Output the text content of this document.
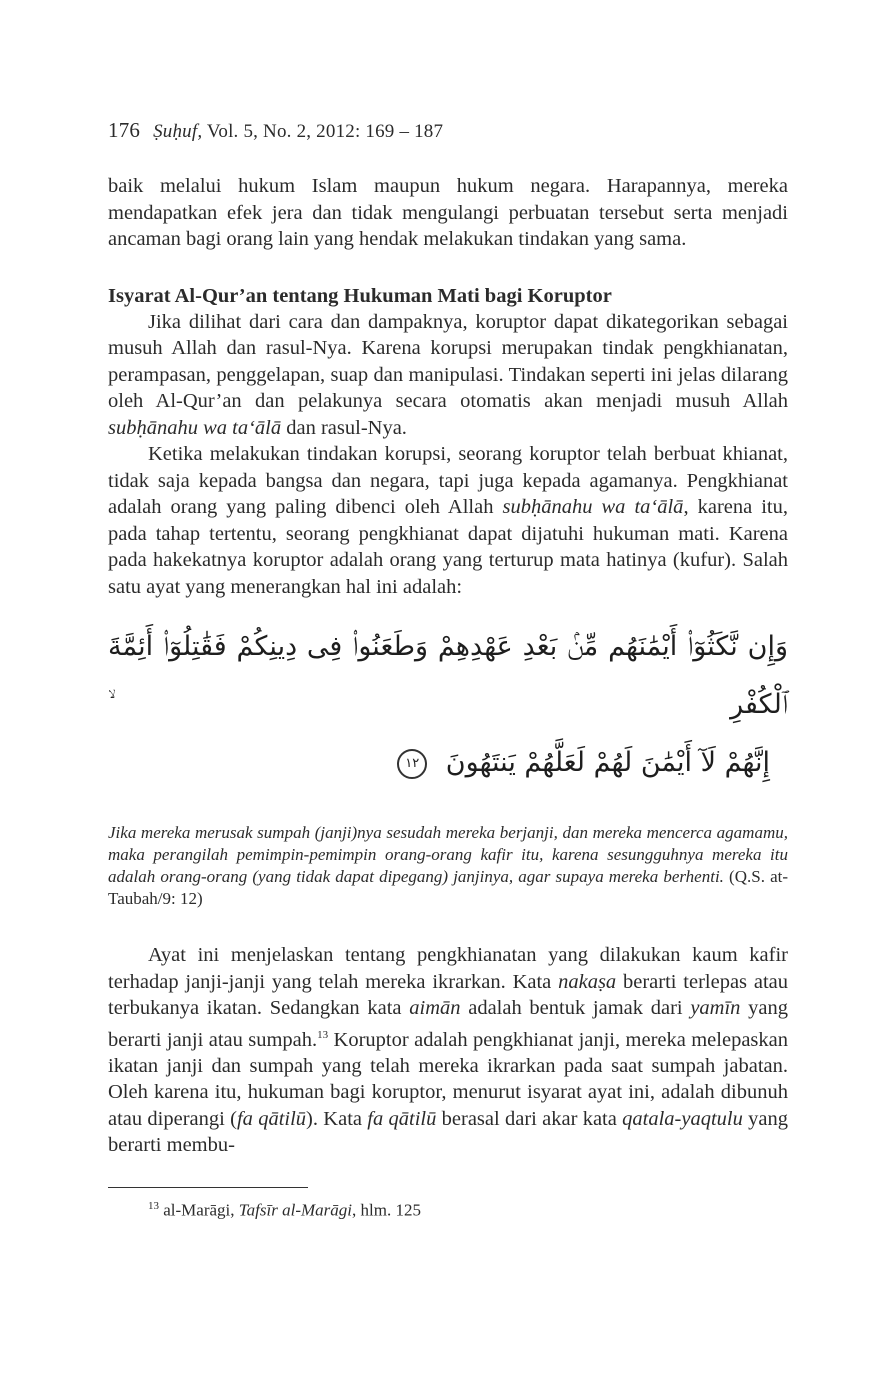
176 Ṣuḥuf, Vol. 5, No. 2, 2012: 169 – 187

baik melalui hukum Islam maupun hukum negara. Harapannya, mereka mendapatkan efek jera dan tidak mengulangi perbuatan tersebut serta menjadi ancaman bagi orang lain yang hendak melakukan tindakan yang sama.

Isyarat Al-Qur’an tentang Hukuman Mati bagi Koruptor

Jika dilihat dari cara dan dampaknya, koruptor dapat dikategorikan sebagai musuh Allah dan rasul-Nya. Karena korupsi merupakan tindak pengkhianatan, perampasan, penggelapan, suap dan manipulasi. Tindakan seperti ini jelas dilarang oleh Al-Qur’an dan pelakunya secara otomatis akan menjadi musuh Allah subḥānahu wa ta‘ālā dan rasul-Nya.

Ketika melakukan tindakan korupsi, seorang koruptor telah berbuat khianat, tidak saja kepada bangsa dan negara, tapi juga kepada agamanya. Pengkhianat adalah orang yang paling dibenci oleh Allah subḥānahu wa ta‘ālā, karena itu, pada tahap tertentu, seorang pengkhianat dapat dijatuhi hukuman mati. Karena pada hakekatnya koruptor adalah orang yang terturup mata hatinya (kufur). Salah satu ayat yang menerangkan hal ini adalah:

وَإِن نَّكَثُوٓا۟ أَيْمَٰنَهُم مِّنۢ بَعْدِ عَهْدِهِمْ وَطَعَنُوا۟ فِى دِينِكُمْ فَقَٰتِلُوٓا۟ أَئِمَّةَ ٱلْكُفْرِ ۙ
إِنَّهُمْ لَآ أَيْمَٰنَ لَهُمْ لَعَلَّهُمْ يَنتَهُونَ ١٢

Jika mereka merusak sumpah (janji)nya sesudah mereka berjanji, dan mereka mencerca agamamu, maka perangilah pemimpin-pemimpin orang-orang kafir itu, karena sesungguhnya mereka itu adalah orang-orang (yang tidak dapat dipegang) janjinya, agar supaya mereka berhenti. (Q.S. at-Taubah/9: 12)

Ayat ini menjelaskan tentang pengkhianatan yang dilakukan kaum kafir terhadap janji-janji yang telah mereka ikrarkan. Kata nakaṣa berarti terlepas atau terbukanya ikatan. Sedangkan kata aimān adalah bentuk jamak dari yamīn yang berarti janji atau sumpah.$^{13}$ Koruptor adalah pengkhianat janji, mereka melepaskan ikatan janji dan sumpah yang telah mereka ikrarkan pada saat sumpah jabatan. Oleh karena itu, hukuman bagi koruptor, menurut isyarat ayat ini, adalah dibunuh atau diperangi (fa qātilū). Kata fa qātilū berasal dari akar kata qatala-yaqtulu yang berarti membu-

$^{13}$ al-Marāgi, Tafsīr al-Marāgi, hlm. 125
